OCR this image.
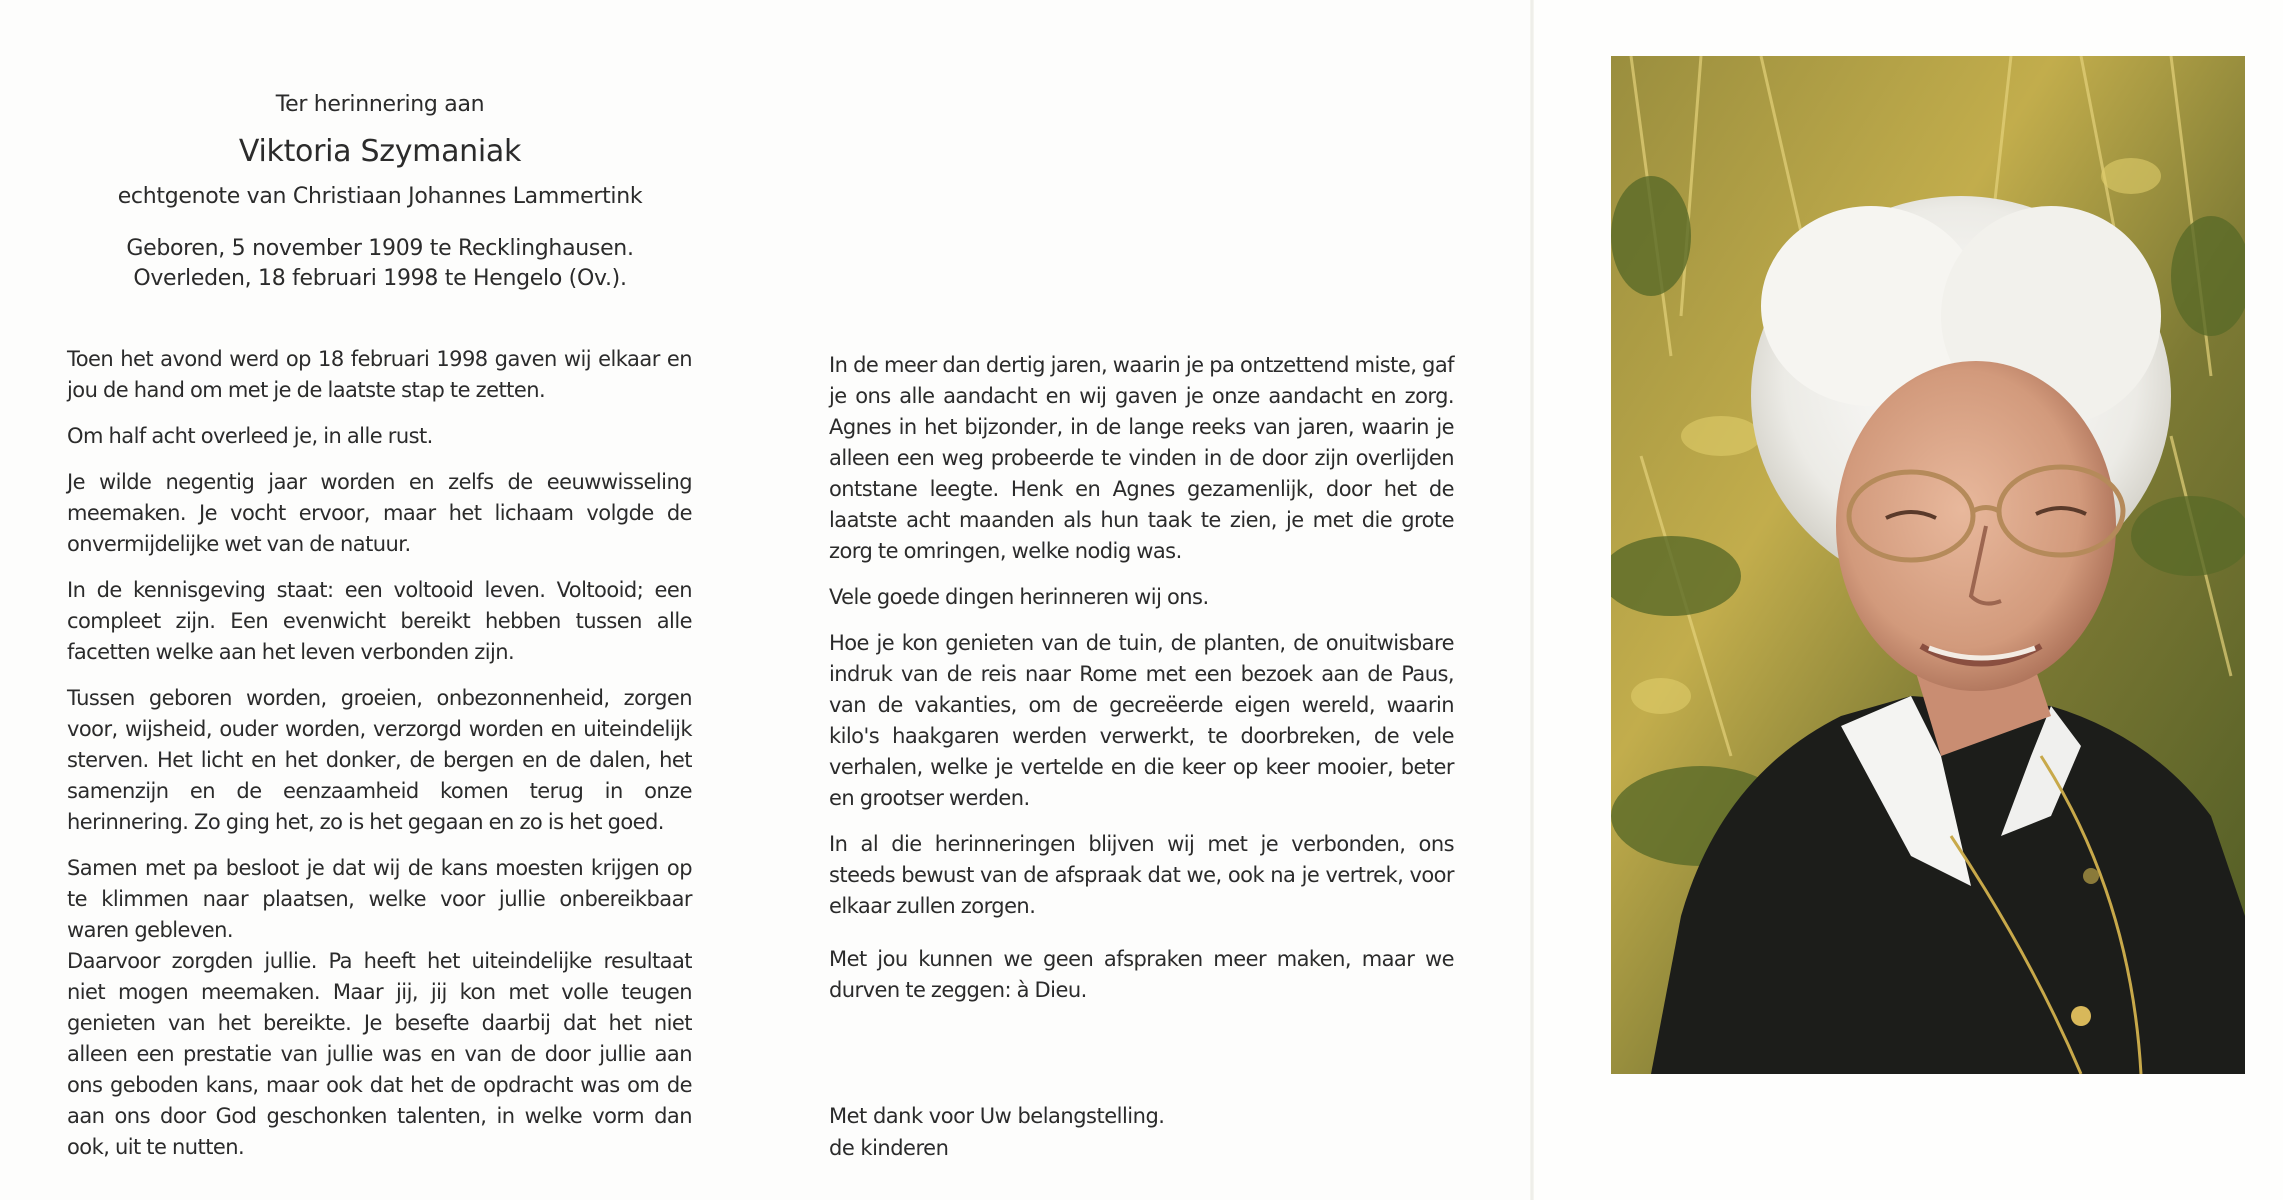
Ter herinnering aan
Viktoria Szymaniak
echtgenote van Christiaan Johannes Lammertink
Geboren, 5 november 1909 te Recklinghausen.
Overleden, 18 februari 1998 te Hengelo (Ov.).

Toen het avond werd op 18 februari 1998 gaven wij elkaar en jou de hand om met je de laatste stap te zetten.

Om half acht overleed je, in alle rust.

Je wilde negentig jaar worden en zelfs de eeuwwisseling meemaken. Je vocht ervoor, maar het lichaam volgde de onvermijdelijke wet van de natuur.

In de kennisgeving staat: een voltooid leven. Voltooid; een compleet zijn. Een evenwicht bereikt hebben tussen alle facetten welke aan het leven verbonden zijn.

Tussen geboren worden, groeien, onbezonnenheid, zorgen voor, wijsheid, ouder worden, verzorgd worden en uiteindelijk sterven. Het licht en het donker, de bergen en de dalen, het samenzijn en de eenzaamheid komen terug in onze herinnering. Zo ging het, zo is het gegaan en zo is het goed.

Samen met pa besloot je dat wij de kans moesten krijgen op te klimmen naar plaatsen, welke voor jullie onbereikbaar waren gebleven.

Daarvoor zorgden jullie. Pa heeft het uiteindelijke resultaat niet mogen meemaken. Maar jij, jij kon met volle teugen genieten van het bereikte. Je besefte daarbij dat het niet alleen een prestatie van jullie was en van de door jullie aan ons geboden kans, maar ook dat het de opdracht was om de aan ons door God geschonken talenten, in welke vorm dan ook, uit te nutten.

In de meer dan dertig jaren, waarin je pa ontzettend miste, gaf je ons alle aandacht en wij gaven je onze aandacht en zorg. Agnes in het bijzonder, in de lange reeks van jaren, waarin je alleen een weg probeerde te vinden in de door zijn overlijden ontstane leegte. Henk en Agnes gezamenlijk, door het de laatste acht maanden als hun taak te zien, je met die grote zorg te omringen, welke nodig was.

Vele goede dingen herinneren wij ons.

Hoe je kon genieten van de tuin, de planten, de onuitwisbare indruk van de reis naar Rome met een bezoek aan de Paus, van de vakanties, om de gecreëerde eigen wereld, waarin kilo's haakgaren werden verwerkt, te doorbreken, de vele verhalen, welke je vertelde en die keer op keer mooier, beter en grootser werden.

In al die herinneringen blijven wij met je verbonden, ons steeds bewust van de afspraak dat we, ook na je vertrek, voor elkaar zullen zorgen.

Met jou kunnen we geen afspraken meer maken, maar we durven te zeggen: à Dieu.

Met dank voor Uw belangstelling.
de kinderen
